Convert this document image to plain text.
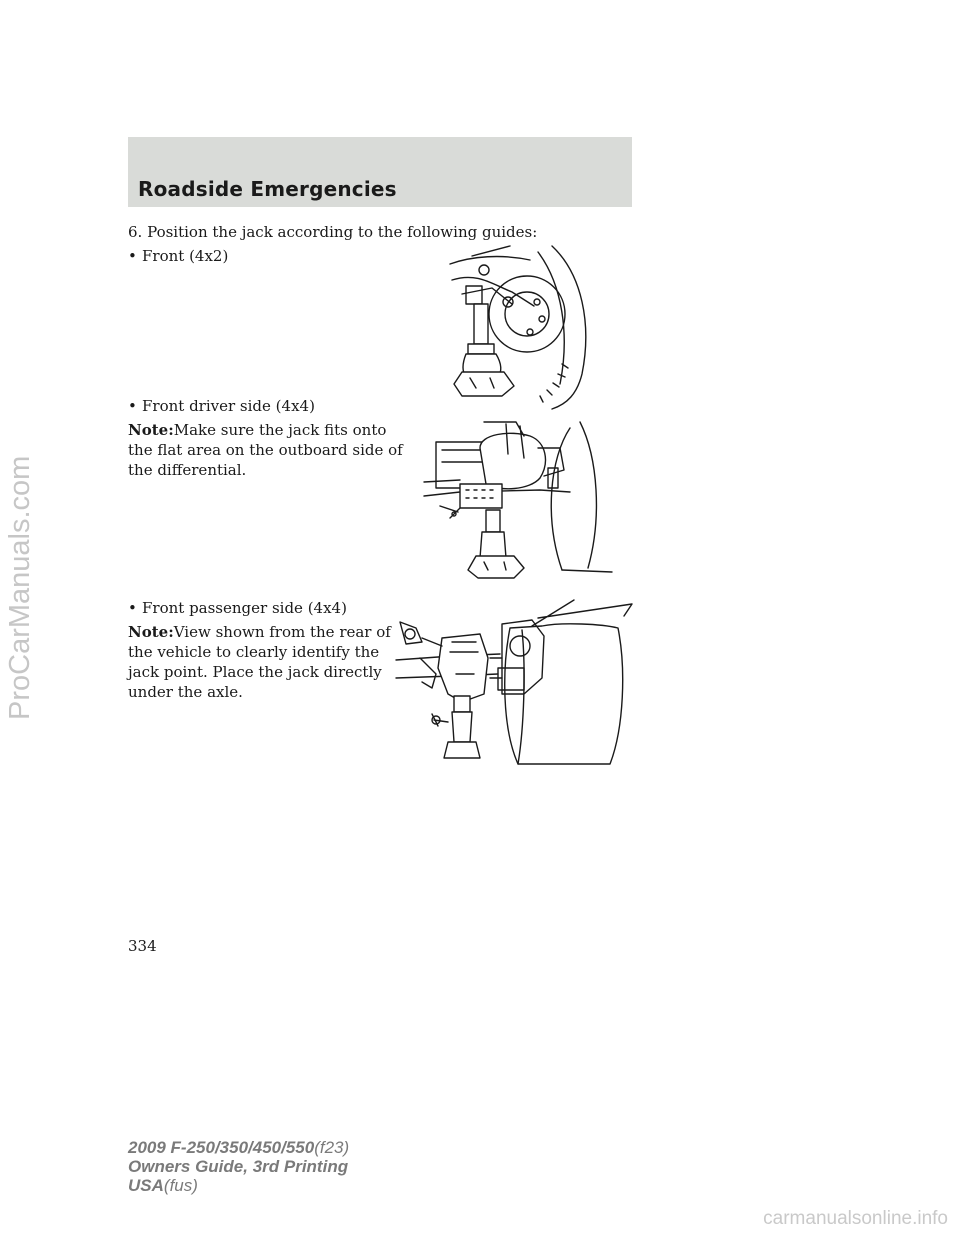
Roadside Emergencies
6. Position the jack according to the following guides:
• Front (4x2)
• Front driver side (4x4)
Note:Make sure the jack fits onto
the flat area on the outboard side of
the differential.
• Front passenger side (4x4)
Note:View shown from the rear of
the vehicle to clearly identify the
jack point. Place the jack directly
under the axle.
334
2009 F-250/350/450/550(f23)
Owners Guide, 3rd Printing
USA(fus)
ProCarManuals.com
carmanualsonline.info
